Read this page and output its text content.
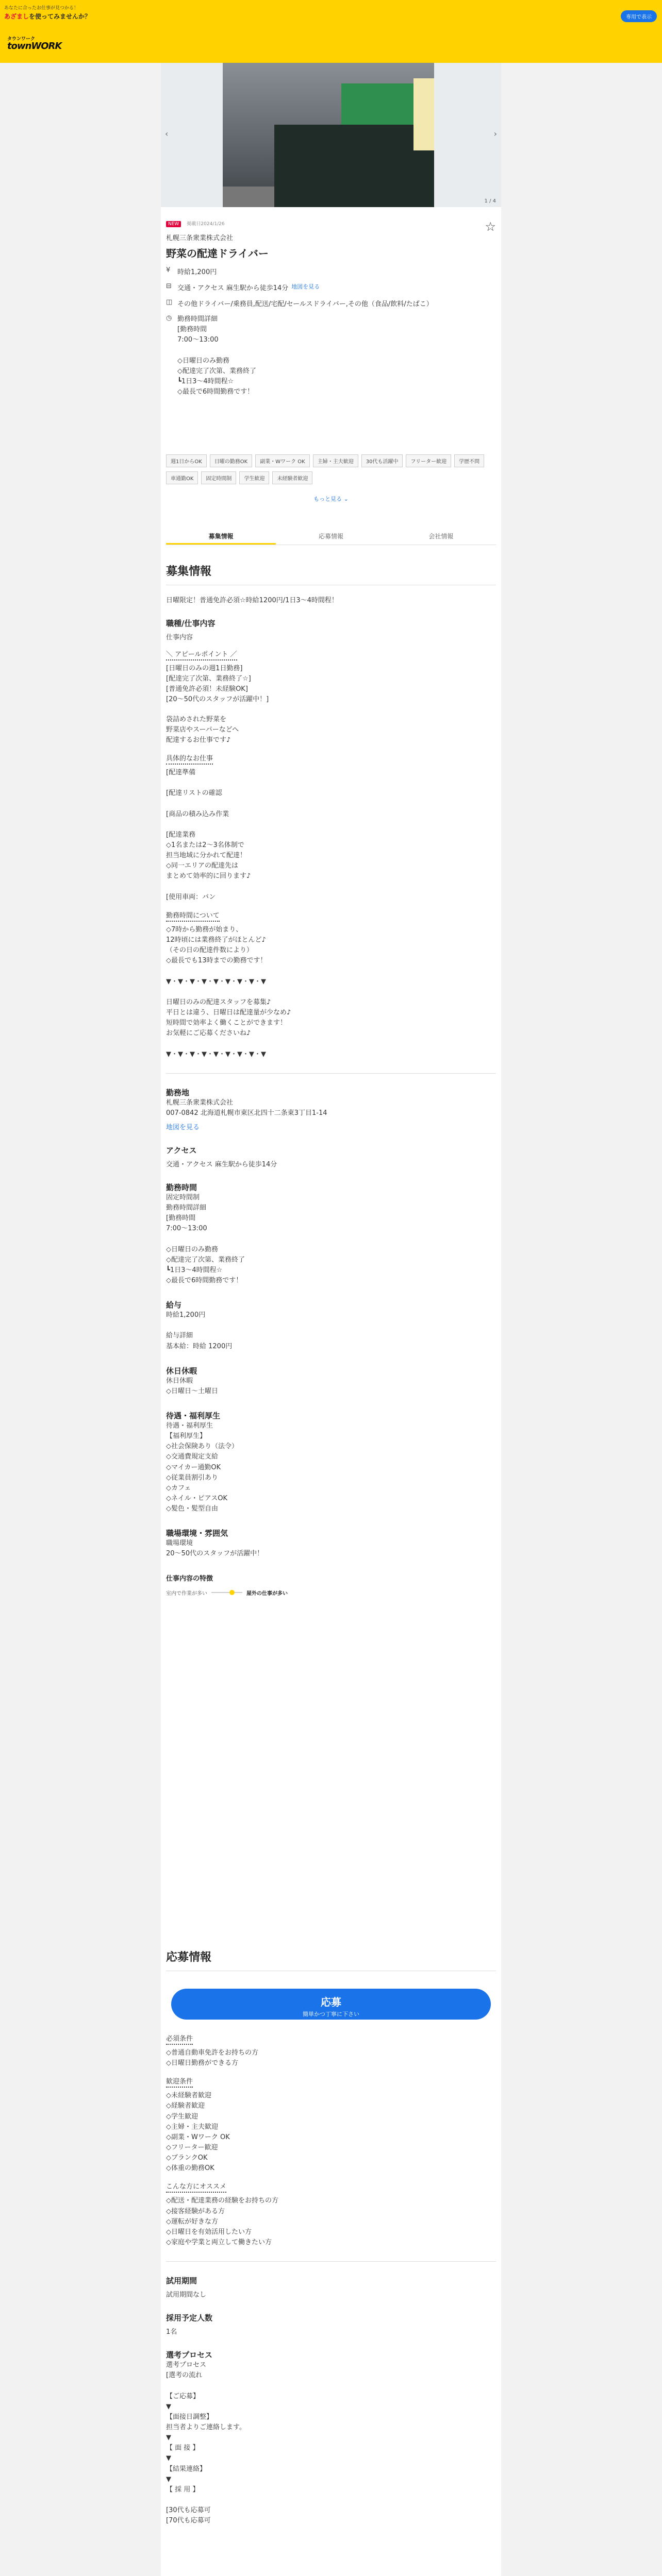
あなたに合ったお仕事が見つかる！
あざましを使ってみませんか？	専用で表示
タウンワーク
townWORK
‹	›
1 / 4
NEW 掲載日2024/1/26	☆
札幌三条衆業株式会社
野菜の配達ドライバー
¥	時給1,200円
⊟ 交通・アクセス 麻生駅から徒歩14分 地図を見る
◫ その他ドライバー/乗務員,配送/宅配/セールスドライバー,その他（食品/飲料/たばこ）
◷ 勤務時間詳細
[勤務時間
7:00～13:00

◇日曜日のみ勤務
◇配達完了次第、業務終了
┗1日3～4時間程☆
◇最長で6時間勤務です！
週1日からOK 日曜の勤務OK 副業・Wワーク OK 主婦・主夫歓迎 30代も活躍中 フリーター歓迎 学歴不問車通勤OK 固定時間制 学生歓迎 未経験者歓迎
もっと見る ⌄
募集情報	応募情報	会社情報
募集情報
日曜限定！普通免許必須☆時給1200円/1日3～4時間程！
職種/仕事内容
仕事内容
＼ アピールポイント ／
[日曜日のみの週1日勤務]
[配達完了次第、業務終了☆]
[普通免許必須！未経験OK]
[20～50代のスタッフが活躍中！]
袋詰めされた野菜を
野菜店やスーパーなどへ
配達するお仕事です♪
具体的なお仕事
[配達準備

[配達リストの確認

[商品の積み込み作業

[配達業務
◇1名または2～3名体制で
担当地域に分かれて配達！
◇同一エリアの配達先は
まとめて効率的に回ります♪

[使用車両：バン
勤務時間について
◇7時から勤務が始まり、
12時頃には業務終了がほとんど♪
（その日の配達件数により）
◇最長でも13時までの勤務です！

▼・▼・▼・▼・▼・▼・▼・▼・▼

日曜日のみの配達スタッフを募集♪
平日とは違う、日曜日は配達量が少なめ♪
短時間で効率よく働くことができます！
お気軽にご応募くださいね♪

▼・▼・▼・▼・▼・▼・▼・▼・▼
勤務地
札幌三条衆業株式会社
007-0842 北海道札幌市東区北四十二条東3丁目1-14
地図を見る
アクセス
交通・アクセス 麻生駅から徒歩14分
勤務時間
固定時間制
勤務時間詳細
[勤務時間
7:00～13:00

◇日曜日のみ勤務
◇配達完了次第、業務終了
┗1日3～4時間程☆
◇最長で6時間勤務です！
給与
時給1,200円

給与詳細
基本給：時給 1200円
休日休暇
休日休暇
◇日曜日～土曜日
待遇・福利厚生
待遇・福利厚生
【福利厚生】
◇社会保険あり（法令）
◇交通費規定支給
◇マイカー通勤OK
◇従業員割引あり
◇カフェ
◇ネイル・ピアスOK
◇髪色・髪型自由
職場環境・雰囲気
職場環境
20～50代のスタッフが活躍中！
仕事内容の特徴
室内で作業が多い	屋外の仕事が多い
応募情報
応募
簡単かつ丁寧に下さい
必須条件
◇普通自動車免許をお持ちの方
◇日曜日勤務ができる方
歓迎条件
◇未経験者歓迎
◇経験者歓迎
◇学生歓迎
◇主婦・主夫歓迎
◇副業・Wワーク OK
◇フリーター歓迎
◇ブランクOK
◇体重の勤務OK
こんな方にオススメ
◇配送・配達業務の経験をお持ちの方
◇接客経験がある方
◇運転が好きな方
◇日曜日を有効活用したい方
◇家庭や学業と両立して働きたい方
試用期間
試用期間なし
採用予定人数
1名
選考プロセス
選考プロセス
[選考の流れ

【ご応募】
▼
【面接日調整】
担当者よりご連絡します。
▼
【 面 接 】
▼
【結果連絡】
▼
【 採 用 】

[30代も応募可
[70代も応募可
